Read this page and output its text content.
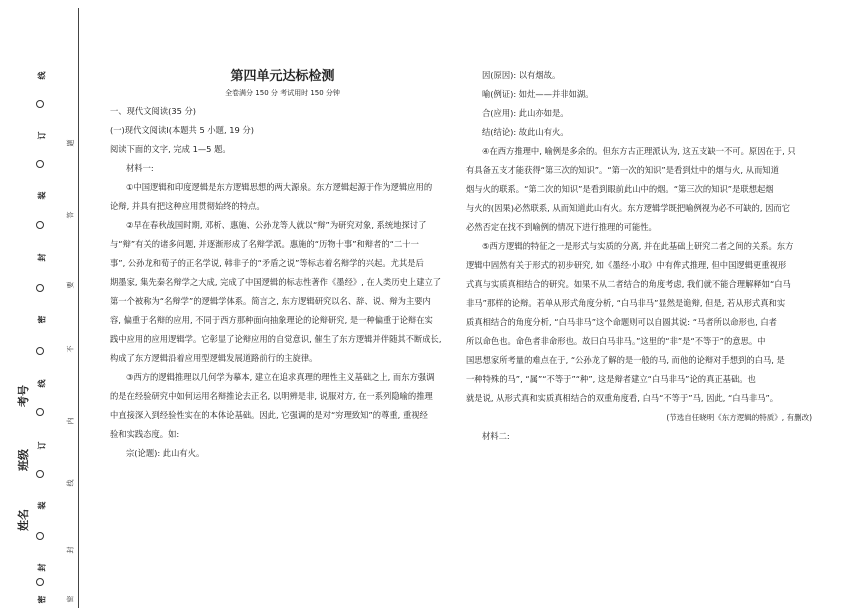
线
订
装
封
密
线
订
装
封
密
题
答
要
不
内
线
封
密
考号
班级
姓名

第四单元达标检测

全卷满分 150 分 考试用时 150 分钟

一、现代文阅读(35 分)

(一)现代文阅读Ⅰ(本题共 5 小题, 19 分)

阅读下面的文字, 完成 1—5 题。

材料一:

①中国逻辑和印度逻辑是东方逻辑思想的两大源泉。东方逻辑起源于作为逻辑应用的

论辩, 并具有把这种应用贯彻始终的特点。

②早在春秋战国时期, 邓析、惠施、公孙龙等人就以“辩”为研究对象, 系统地探讨了

与“辩”有关的诸多问题, 并逐渐形成了名辩学派。惠施的“历物十事”和辩者的“二十一

事”, 公孙龙和荀子的正名学说, 韩非子的“矛盾之说”等标志着名辩学的兴起。尤其是后

期墨家, 集先秦名辩学之大成, 完成了中国逻辑的标志性著作《墨经》, 在人类历史上建立了

第一个被称为“名辩学”的逻辑学体系。简言之, 东方逻辑研究以名、辞、说、辩为主要内

容, 偏重于名辩的应用, 不同于西方那种面向抽象理论的论辩研究, 是一种偏重于论辩在实

践中应用的应用逻辑学。它彰显了论辩应用的自觉意识, 催生了东方逻辑并伴随其不断成长,

构成了东方逻辑沿着应用型逻辑发展道路前行的主旋律。

③西方的逻辑推理以几何学为摹本, 建立在追求真理的理性主义基础之上, 而东方强调

的是在经验研究中如何运用名辩推论去正名, 以明辨是非, 说服对方, 在一系列隐喻的推理

中直接深入到经验性实在的本体论基础。因此, 它强调的是对“穷理致知”的尊重, 重视经

验和实践态度。如:

宗(论题): 此山有火。

因(原因): 以有烟故。

喻(例证): 如灶——并非如湖。

合(应用): 此山亦如是。

结(结论): 故此山有火。

④在西方推理中, 喻例是多余的。但东方古正理派认为, 这五支缺一不可。原因在于, 只

有具备五支才能获得“第三次的知识”。“第一次的知识”是看到灶中的烟与火, 从而知道

烟与火的联系。“第二次的知识”是看到眼前此山中的烟。“第三次的知识”是联想起烟

与火的(因果)必然联系, 从而知道此山有火。东方逻辑学既把喻例视为必不可缺的, 因而它

必然否定在找不到喻例的情况下进行推理的可能性。

⑤西方逻辑的特征之一是形式与实质的分离, 并在此基础上研究二者之间的关系。东方

逻辑中固然有关于形式的初步研究, 如《墨经·小取》中有侔式推理, 但中国逻辑更重视形

式真与实质真相结合的研究。如果不从二者结合的角度考虑, 我们就不能合理解释如“白马

非马”那样的论辩。若单从形式角度分析, “白马非马”显然是诡辩, 但是, 若从形式真和实

质真相结合的角度分析, “白马非马”这个命题则可以自圆其说: “马者所以命形也, 白者

所以命色也。命色者非命形也。故曰白马非马。”这里的“非”是“不等于”的意思。中

国思想家所考量的难点在于, “公孙龙了解的是一般的马, 而他的论辩对手想到的白马, 是

一种特殊的马”, “属”“不等于”“种”, 这是辩者建立“白马非马”论的真正基础。也

就是说, 从形式真和实质真相结合的双重角度看, 白马“不等于”马, 因此, “白马非马”。

(节选自任晓明《东方逻辑的特质》, 有删改)

材料二:
